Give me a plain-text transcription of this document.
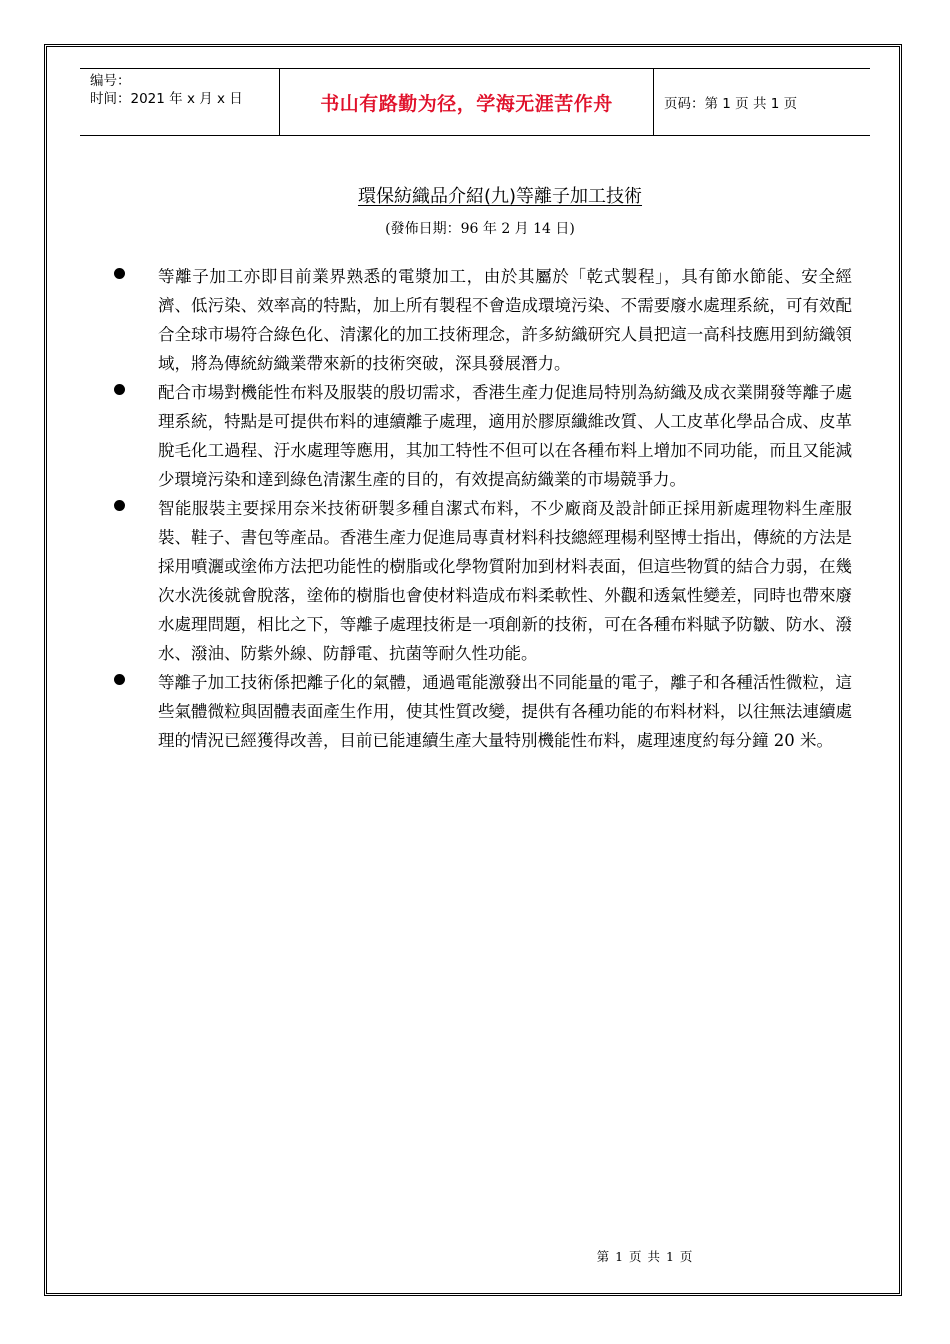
编号：
时间：2021 年 x 月 x 日	书山有路勤为径，学海无涯苦作舟	页码：第 1 页 共 1 页
環保紡織品介紹(九)等離子加工技術
(發佈日期：96 年 2 月 14 日)

等離子加工亦即目前業界熟悉的電漿加工，由於其屬於「乾式製程」，具有節水節能、安全經濟、低污染、效率高的特點，加上所有製程不會造成環境污染、不需要廢水處理系統，可有效配合全球市場符合綠色化、清潔化的加工技術理念，許多紡織研究人員把這一高科技應用到紡織領域，將為傳統紡織業帶來新的技術突破，深具發展潛力。

配合市場對機能性布料及服裝的殷切需求，香港生產力促進局特別為紡織及成衣業開發等離子處理系統，特點是可提供布料的連續離子處理，適用於膠原纖維改質、人工皮革化學品合成、皮革脫毛化工過程、汙水處理等應用，其加工特性不但可以在各種布料上增加不同功能，而且又能減少環境污染和達到綠色清潔生產的目的，有效提高紡織業的市場競爭力。

智能服裝主要採用奈米技術研製多種自潔式布料，不少廠商及設計師正採用新處理物料生產服裝、鞋子、書包等產品。香港生產力促進局專責材料科技總經理楊利堅博士指出，傳統的方法是採用噴灑或塗佈方法把功能性的樹脂或化學物質附加到材料表面，但這些物質的結合力弱，在幾次水洗後就會脫落，塗佈的樹脂也會使材料造成布料柔軟性、外觀和透氣性變差，同時也帶來廢水處理問題，相比之下，等離子處理技術是一項創新的技術，可在各種布料賦予防皺、防水、潑水、潑油、防紫外線、防靜電、抗菌等耐久性功能。

等離子加工技術係把離子化的氣體，通過電能激發出不同能量的電子，離子和各種活性微粒，這些氣體微粒與固體表面產生作用，使其性質改變，提供有各種功能的布料材料，以往無法連續處理的情況已經獲得改善，目前已能連續生產大量特別機能性布料，處理速度約每分鐘 20 米。

第 1 页 共 1 页
